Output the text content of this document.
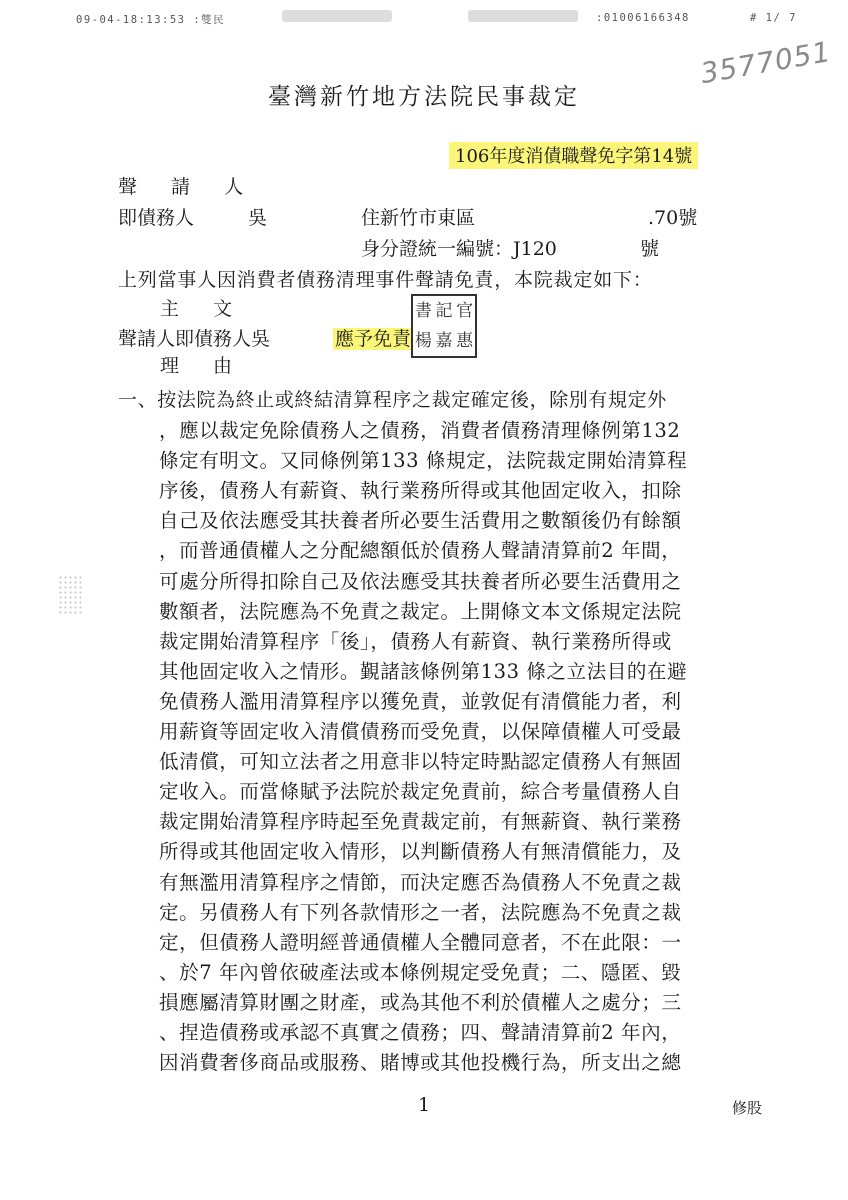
09-04-18:13:53 :雙民	:01006166348	# 1/ 7
3577051
臺灣新竹地方法院民事裁定
106年度消債職聲免字第14號
聲 請 人
即債務人	吳	住新竹市東區	.70號
身分證統一編號：J120	號
上列當事人因消費者債務清理事件聲請免責，本院裁定如下：
主 文
聲請人即債務人吳	應予免責
書 記 官
楊 嘉 惠
理 由
一、按法院為終止或終結清算程序之裁定確定後，除別有規定外
，應以裁定免除債務人之債務，消費者債務清理條例第132
條定有明文。又同條例第133 條規定，法院裁定開始清算程
序後，債務人有薪資、執行業務所得或其他固定收入，扣除
自己及依法應受其扶養者所必要生活費用之數額後仍有餘額
，而普通債權人之分配總額低於債務人聲請清算前2 年間，
可處分所得扣除自己及依法應受其扶養者所必要生活費用之
數額者，法院應為不免責之裁定。上開條文本文係規定法院
裁定開始清算程序「後」，債務人有薪資、執行業務所得或
其他固定收入之情形。覲諸該條例第133 條之立法目的在避
免債務人濫用清算程序以獲免責，並敦促有清償能力者，利
用薪資等固定收入清償債務而受免責，以保障債權人可受最
低清償，可知立法者之用意非以特定時點認定債務人有無固
定收入。而當條賦予法院於裁定免責前，綜合考量債務人自
裁定開始清算程序時起至免責裁定前，有無薪資、執行業務
所得或其他固定收入情形，以判斷債務人有無清償能力，及
有無濫用清算程序之情節，而決定應否為債務人不免責之裁
定。另債務人有下列各款情形之一者，法院應為不免責之裁
定，但債務人證明經普通債權人全體同意者，不在此限：一
、於7 年內曾依破產法或本條例規定受免責；二、隱匿、毀
損應屬清算財團之財產，或為其他不利於債權人之處分；三
、捏造債務或承認不真實之債務；四、聲請清算前2 年內，
因消費奢侈商品或服務、賭博或其他投機行為，所支出之總
1	修股
